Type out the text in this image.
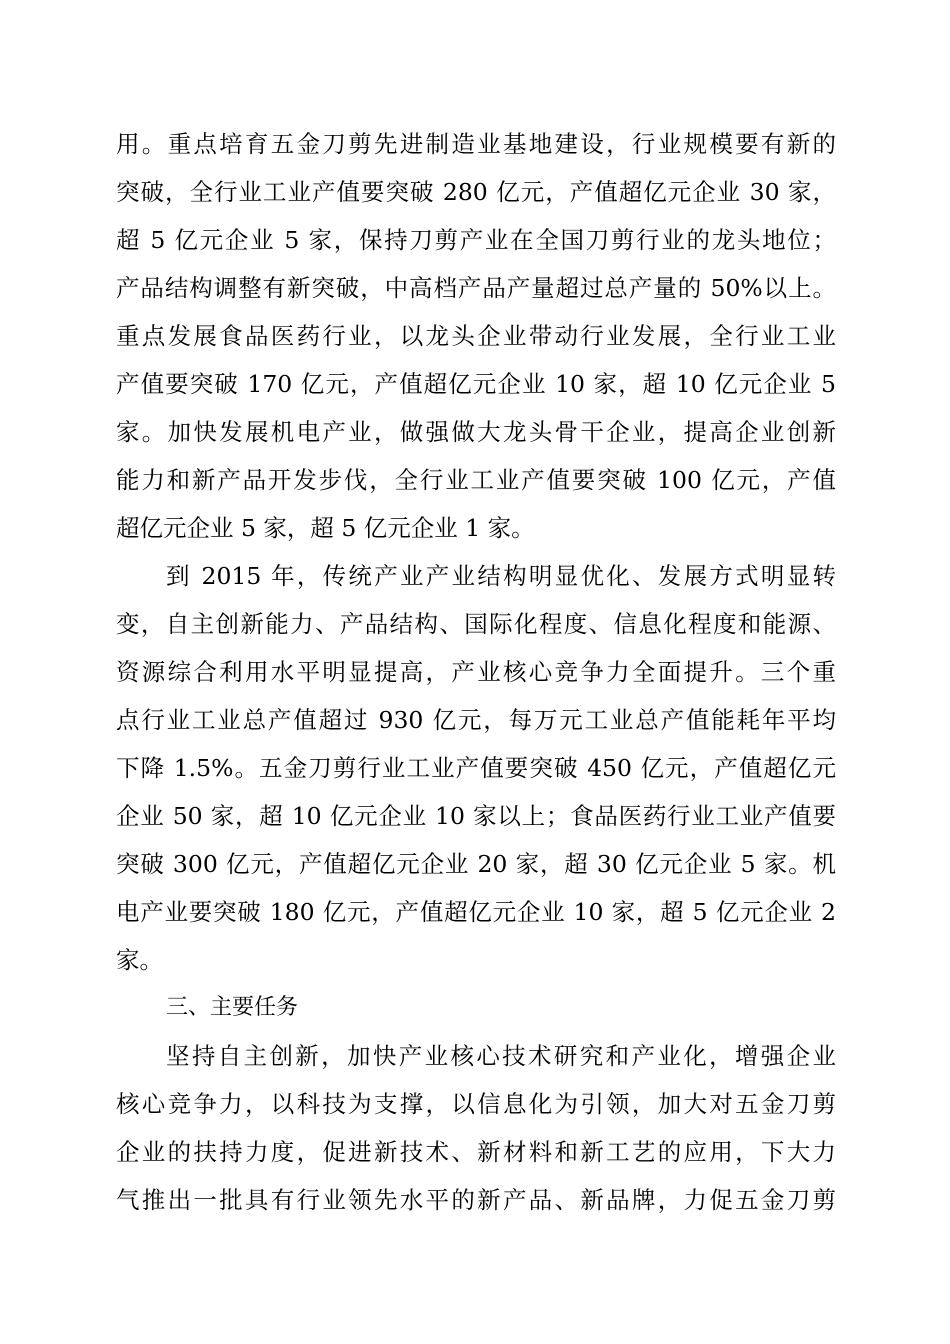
用。重点培育五金刀剪先进制造业基地建设，行业规模要有新的
突破，全行业工业产值要突破 280 亿元，产值超亿元企业 30 家，
超 5 亿元企业 5 家，保持刀剪产业在全国刀剪行业的龙头地位；
产品结构调整有新突破，中高档产品产量超过总产量的 50%以上。
重点发展食品医药行业，以龙头企业带动行业发展，全行业工业
产值要突破 170 亿元，产值超亿元企业 10 家，超 10 亿元企业 5
家。加快发展机电产业，做强做大龙头骨干企业，提高企业创新
能力和新产品开发步伐，全行业工业产值要突破 100 亿元，产值
超亿元企业 5 家，超 5 亿元企业 1 家。
到 2015 年，传统产业产业结构明显优化、发展方式明显转
变，自主创新能力、产品结构、国际化程度、信息化程度和能源、
资源综合利用水平明显提高，产业核心竞争力全面提升。三个重
点行业工业总产值超过 930 亿元，每万元工业总产值能耗年平均
下降 1.5%。五金刀剪行业工业产值要突破 450 亿元，产值超亿元
企业 50 家，超 10 亿元企业 10 家以上；食品医药行业工业产值要
突破 300 亿元，产值超亿元企业 20 家，超 30 亿元企业 5 家。机
电产业要突破 180 亿元，产值超亿元企业 10 家，超 5 亿元企业 2
家。
三、主要任务
坚持自主创新，加快产业核心技术研究和产业化，增强企业
核心竞争力，以科技为支撑，以信息化为引领，加大对五金刀剪
企业的扶持力度，促进新技术、新材料和新工艺的应用，下大力
气推出一批具有行业领先水平的新产品、新品牌，力促五金刀剪
